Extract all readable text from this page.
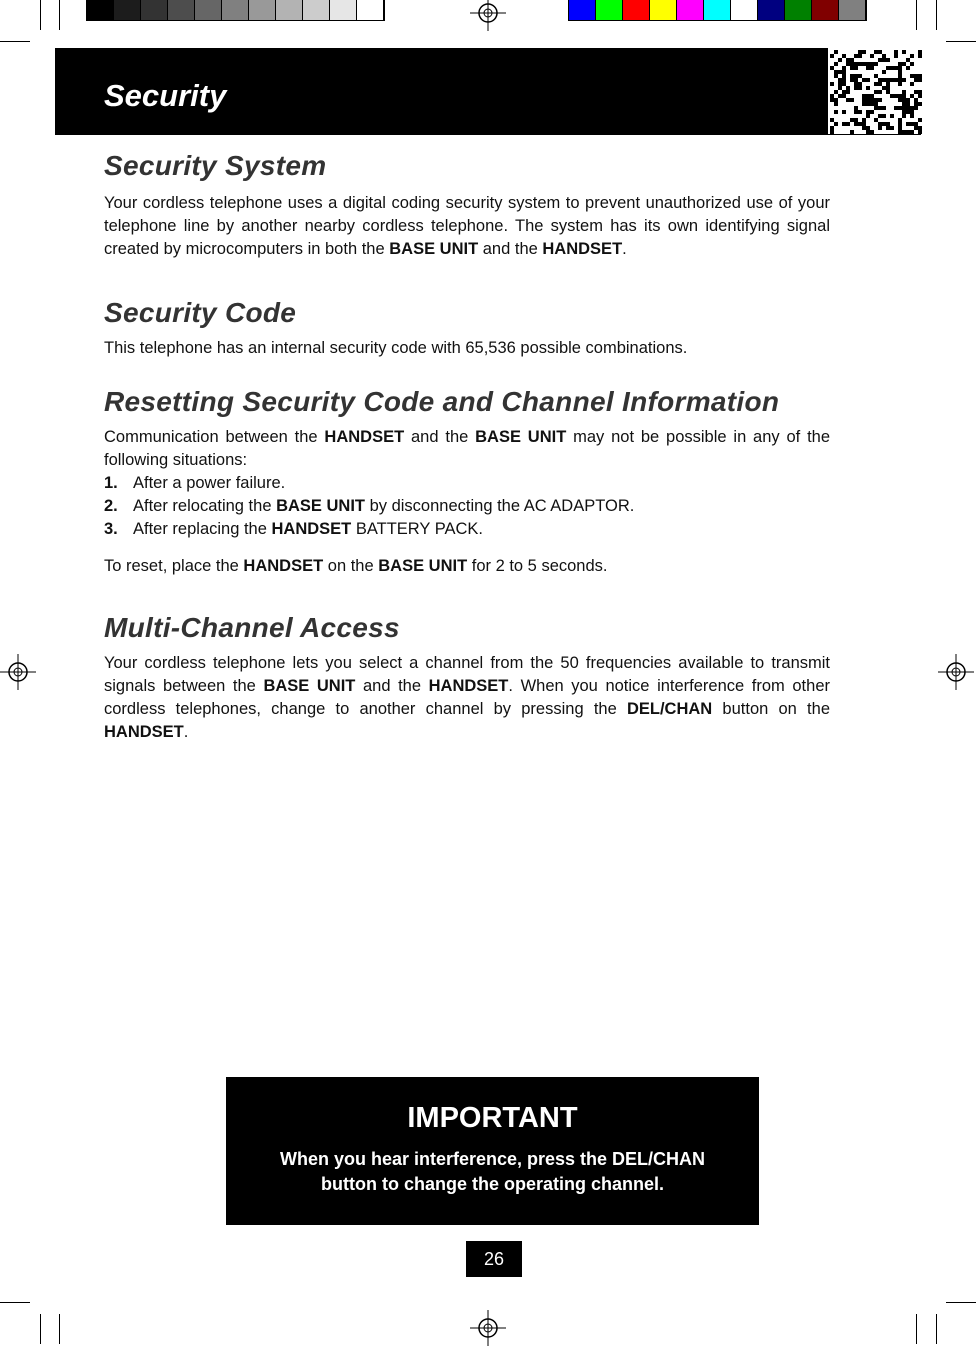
Security
Security System

Your cordless telephone uses a digital coding security system to prevent unauthorized use of your telephone line by another nearby cordless telephone. The system has its own identifying signal created by microcomputers in both the BASE UNIT and the HANDSET.

Security Code

This telephone has an internal security code with 65,536 possible combinations.

Resetting Security Code and Channel Information

Communication between the HANDSET and the BASE UNIT may not be possible in any of the following situations:

1. After a power failure.
2. After relocating the BASE UNIT by disconnecting the AC ADAPTOR.
3. After replacing the HANDSET BATTERY PACK.

To reset, place the HANDSET on the BASE UNIT for 2 to 5 seconds.

Multi-Channel Access

Your cordless telephone lets you select a channel from the 50 frequencies available to transmit signals between the BASE UNIT and the HANDSET. When you notice interference from other cordless telephones, change to another channel by pressing the DEL/CHAN button on the HANDSET.

IMPORTANT
When you hear interference, press the DEL/CHAN
button to change the operating channel.
26
